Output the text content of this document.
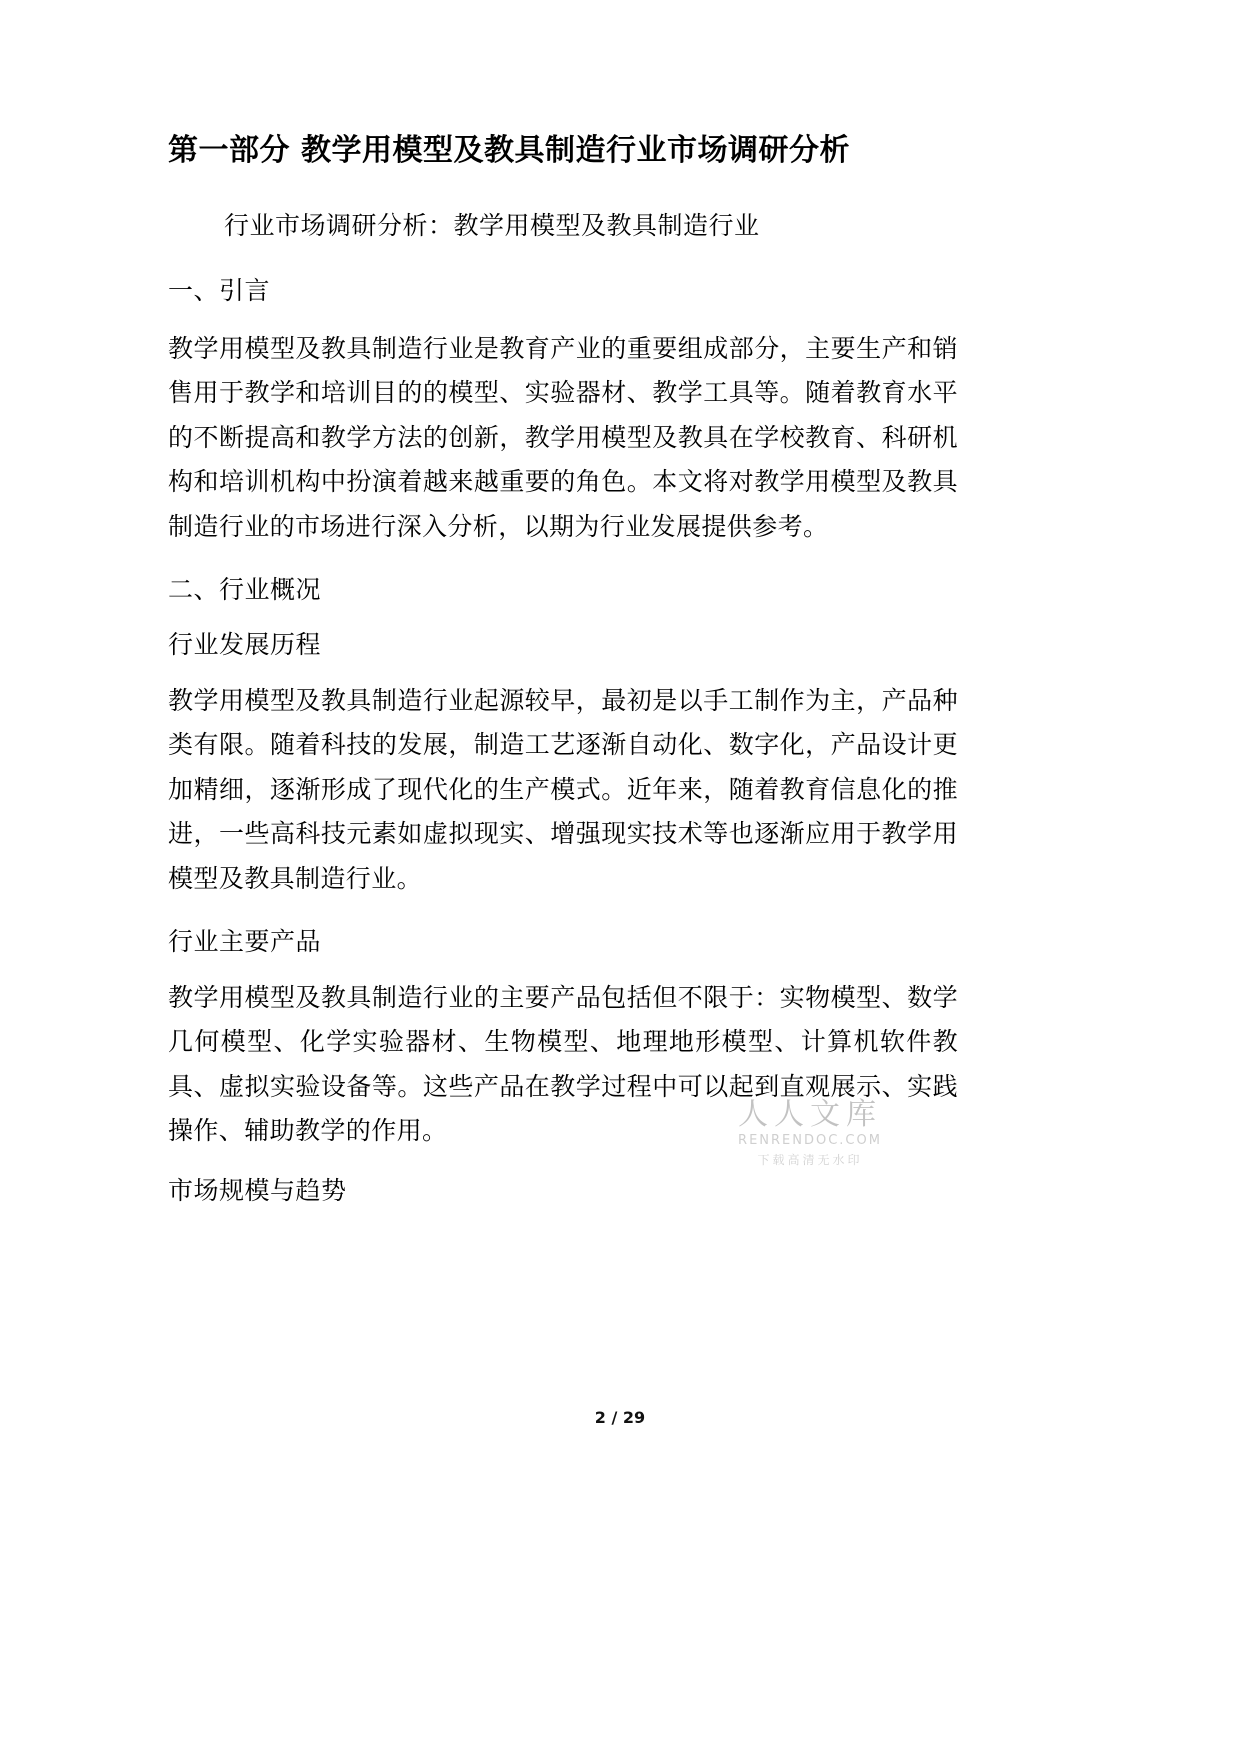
第一部分 教学用模型及教具制造行业市场调研分析

行业市场调研分析：教学用模型及教具制造行业

一、引言

教学用模型及教具制造行业是教育产业的重要组成部分，主要生产和销售用于教学和培训目的的模型、实验器材、教学工具等。随着教育水平的不断提高和教学方法的创新，教学用模型及教具在学校教育、科研机构和培训机构中扮演着越来越重要的角色。本文将对教学用模型及教具制造行业的市场进行深入分析，以期为行业发展提供参考。

二、行业概况

行业发展历程

教学用模型及教具制造行业起源较早，最初是以手工制作为主，产品种类有限。随着科技的发展，制造工艺逐渐自动化、数字化，产品设计更加精细，逐渐形成了现代化的生产模式。近年来，随着教育信息化的推进，一些高科技元素如虚拟现实、增强现实技术等也逐渐应用于教学用模型及教具制造行业。

行业主要产品

教学用模型及教具制造行业的主要产品包括但不限于：实物模型、数学几何模型、化学实验器材、生物模型、地理地形模型、计算机软件教具、虚拟实验设备等。这些产品在教学过程中可以起到直观展示、实践操作、辅助教学的作用。

市场规模与趋势

人人文库
RENRENDOC.COM
下载高清无水印
2 / 29
